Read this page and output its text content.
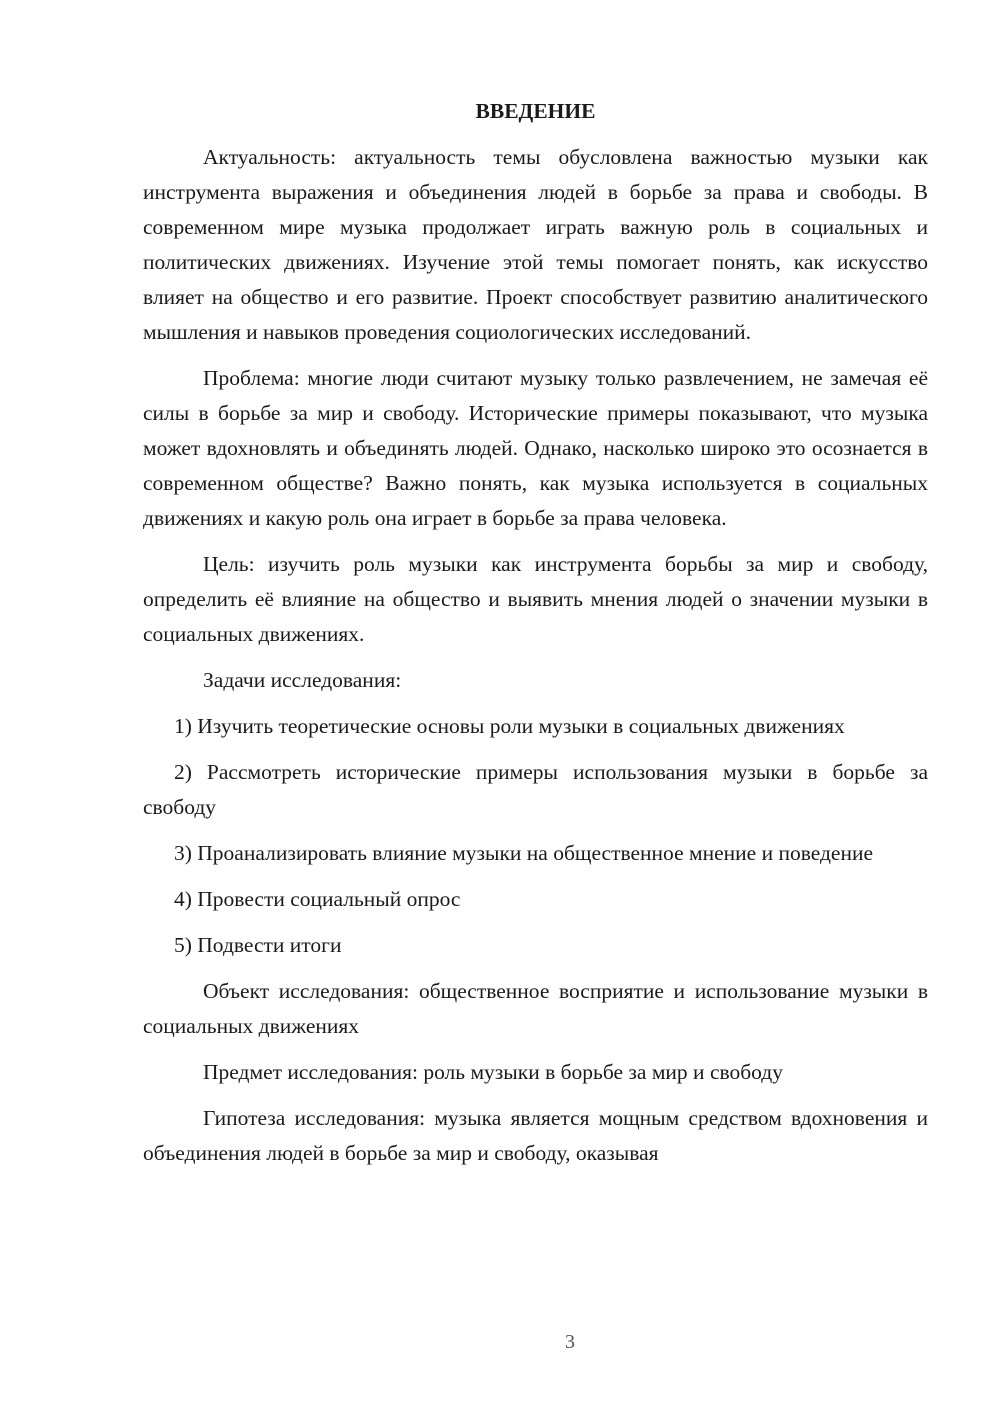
ВВЕДЕНИЕ

Актуальность: актуальность темы обусловлена важностью музыки как инструмента выражения и объединения людей в борьбе за права и свободы. В современном мире музыка продолжает играть важную роль в социальных и политических движениях. Изучение этой темы помогает понять, как искусство влияет на общество и его развитие. Проект способствует развитию аналитического мышления и навыков проведения социологических исследований.

Проблема: многие люди считают музыку только развлечением, не замечая её силы в борьбе за мир и свободу. Исторические примеры показывают, что музыка может вдохновлять и объединять людей. Однако, насколько широко это осознается в современном обществе? Важно понять, как музыка используется в социальных движениях и какую роль она играет в борьбе за права человека.

Цель: изучить роль музыки как инструмента борьбы за мир и свободу, определить её влияние на общество и выявить мнения людей о значении музыки в социальных движениях.

Задачи исследования:

1) Изучить теоретические основы роли музыки в социальных движениях

2) Рассмотреть исторические примеры использования музыки в борьбе за свободу

3) Проанализировать влияние музыки на общественное мнение и поведение

4) Провести социальный опрос

5) Подвести итоги

Объект исследования: общественное восприятие и использование музыки в социальных движениях

Предмет исследования: роль музыки в борьбе за мир и свободу

Гипотеза исследования: музыка является мощным средством вдохновения и объединения людей в борьбе за мир и свободу, оказывая

3
